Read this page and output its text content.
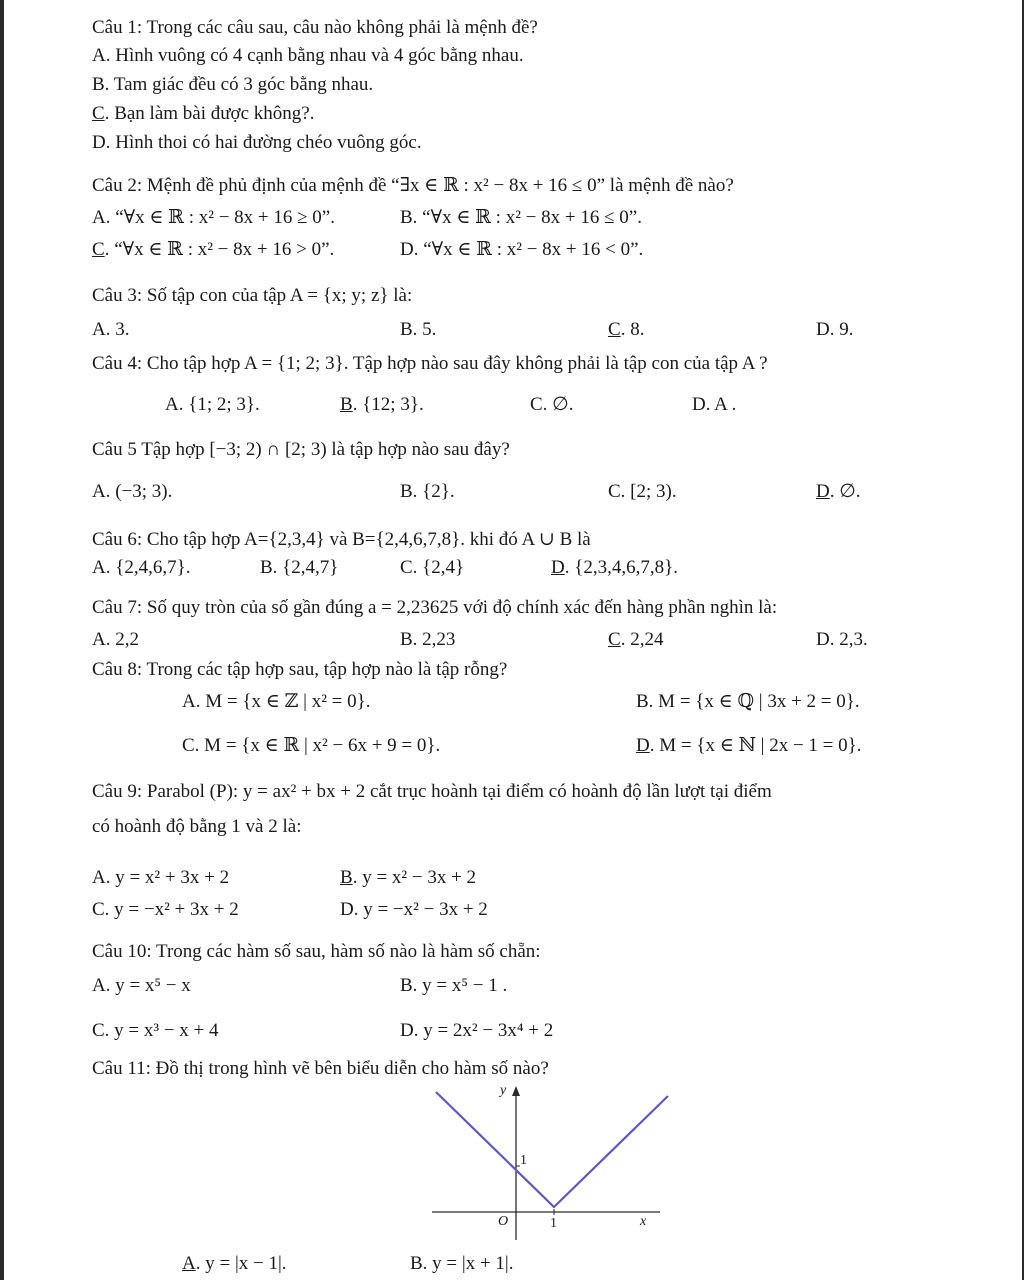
Câu 1: Trong các câu sau, câu nào không phải là mệnh đề?
A. Hình vuông có 4 cạnh bằng nhau và 4 góc bằng nhau.
B. Tam giác đều có 3 góc bằng nhau.
C. Bạn làm bài được không?.
D. Hình thoi có hai đường chéo vuông góc.
Câu 2: Mệnh đề phủ định của mệnh đề “∃x ∈ ℝ : x² − 8x + 16 ≤ 0” là mệnh đề nào?
A. “∀x ∈ ℝ : x² − 8x + 16 ≥ 0”.	B. “∀x ∈ ℝ : x² − 8x + 16 ≤ 0”.
C. “∀x ∈ ℝ : x² − 8x + 16 > 0”.	D. “∀x ∈ ℝ : x² − 8x + 16 < 0”.
Câu 3: Số tập con của tập A = {x; y; z} là:
A. 3.	B. 5.	C. 8.	D. 9.
Câu 4: Cho tập hợp A = {1; 2; 3}. Tập hợp nào sau đây không phải là tập con của tập A ?
A. {1; 2; 3}.	B. {12; 3}.	C. ∅.	D. A .
Câu 5 Tập hợp [−3; 2) ∩ [2; 3) là tập hợp nào sau đây?
A. (−3; 3).	B. {2}.	C. [2; 3).	D. ∅.
Câu 6: Cho tập hợp A={2,3,4} và B={2,4,6,7,8}. khi đó A ∪ B là
A. {2,4,6,7}.	B. {2,4,7}	C. {2,4}	D. {2,3,4,6,7,8}.
Câu 7: Số quy tròn của số gần đúng a = 2,23625 với độ chính xác đến hàng phần nghìn là:
A. 2,2	B. 2,23	C. 2,24	D. 2,3.
Câu 8: Trong các tập hợp sau, tập hợp nào là tập rỗng?
A. M = {x ∈ ℤ | x² = 0}.	B. M = {x ∈ ℚ | 3x + 2 = 0}.
C. M = {x ∈ ℝ | x² − 6x + 9 = 0}.	D. M = {x ∈ ℕ | 2x − 1 = 0}.
Câu 9: Parabol (P): y = ax² + bx + 2 cắt trục hoành tại điểm có hoành độ lần lượt tại điểm
có hoành độ bằng 1 và 2 là:
A. y = x² + 3x + 2	B. y = x² − 3x + 2
C. y = −x² + 3x + 2	D. y = −x² − 3x + 2
Câu 10: Trong các hàm số sau, hàm số nào là hàm số chẵn:
A. y = x⁵ − x	B. y = x⁵ − 1 .
C. y = x³ − x + 4	D. y = 2x² − 3x⁴ + 2
Câu 11: Đồ thị trong hình vẽ bên biểu diễn cho hàm số nào?
y
1
O	1	x
A. y = |x − 1|.	B. y = |x + 1|.
